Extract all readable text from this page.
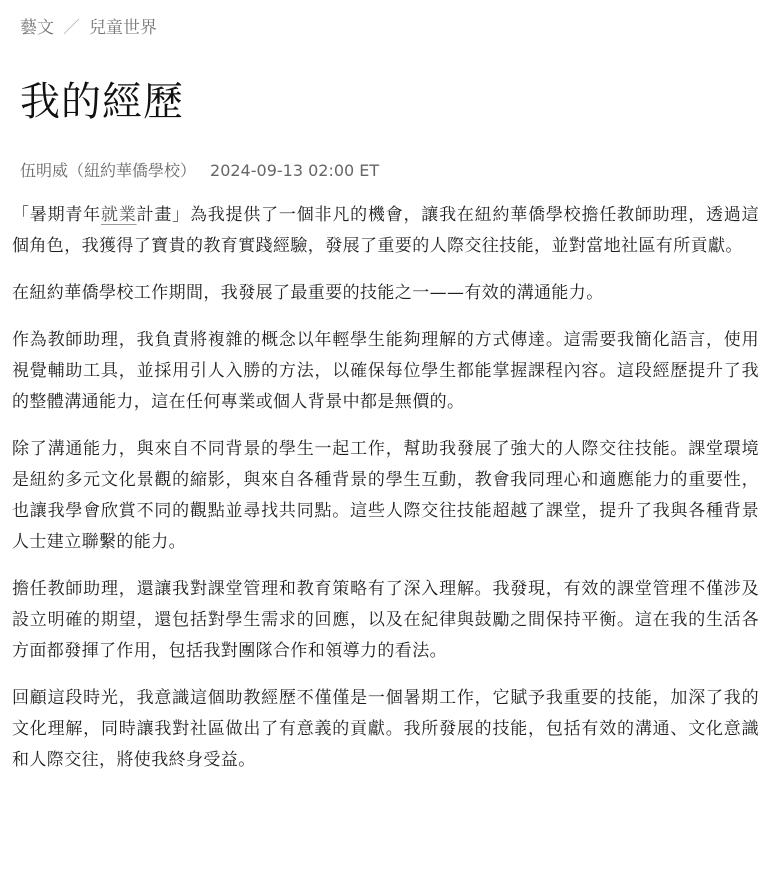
藝文 ／ 兒童世界
我的經歷
伍明威（紐約華僑學校） 2024-09-13 02:00 ET

「暑期青年就業計畫」為我提供了一個非凡的機會，讓我在紐約華僑學校擔任教師助理，透過這個角色，我獲得了寶貴的教育實踐經驗，發展了重要的人際交往技能，並對當地社區有所貢獻。

在紐約華僑學校工作期間，我發展了最重要的技能之一——有效的溝通能力。

作為教師助理，我負責將複雜的概念以年輕學生能夠理解的方式傳達。這需要我簡化語言，使用視覺輔助工具，並採用引人入勝的方法，以確保每位學生都能掌握課程內容。這段經歷提升了我的整體溝通能力，這在任何專業或個人背景中都是無價的。

除了溝通能力，與來自不同背景的學生一起工作，幫助我發展了強大的人際交往技能。課堂環境是紐約多元文化景觀的縮影，與來自各種背景的學生互動，教會我同理心和適應能力的重要性，也讓我學會欣賞不同的觀點並尋找共同點。這些人際交往技能超越了課堂，提升了我與各種背景人士建立聯繫的能力。

擔任教師助理，還讓我對課堂管理和教育策略有了深入理解。我發現，有效的課堂管理不僅涉及設立明確的期望，還包括對學生需求的回應，以及在紀律與鼓勵之間保持平衡。這在我的生活各方面都發揮了作用，包括我對團隊合作和領導力的看法。

回顧這段時光，我意識這個助教經歷不僅僅是一個暑期工作，它賦予我重要的技能，加深了我的文化理解，同時讓我對社區做出了有意義的貢獻。我所發展的技能，包括有效的溝通、文化意識和人際交往，將使我終身受益。
